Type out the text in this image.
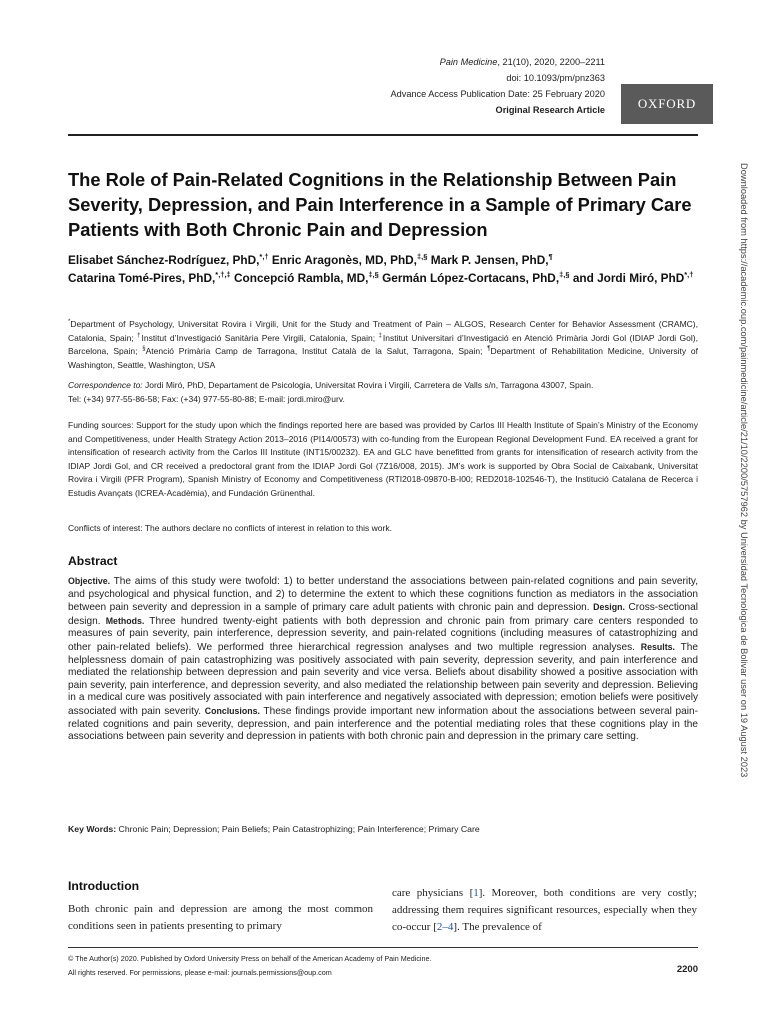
Pain Medicine, 21(10), 2020, 2200–2211
doi: 10.1093/pm/pnz363
Advance Access Publication Date: 25 February 2020
Original Research Article	OXFORD
Downloaded from https://academic.oup.com/painmedicine/article/21/10/2200/5757962 by Universidad Tecnologica de Bolivar user on 19 August 2023
The Role of Pain-Related Cognitions in the Relationship Between Pain Severity, Depression, and Pain Interference in a Sample of Primary Care Patients with Both Chronic Pain and Depression
Elisabet Sánchez-Rodríguez, PhD,*,† Enric Aragonès, MD, PhD,‡,§ Mark P. Jensen, PhD,¶
Catarina Tomé-Pires, PhD,*,†,‡ Concepció Rambla, MD,‡,§ Germán López-Cortacans, PhD,‡,§ and Jordi Miró, PhD*,†
*Department of Psychology, Universitat Rovira i Virgili, Unit for the Study and Treatment of Pain – ALGOS, Research Center for Behavior Assessment (CRAMC), Catalonia, Spain; †Institut d’Investigació Sanitària Pere Virgili, Catalonia, Spain; ‡Institut Universitari d’Investigació en Atenció Primària Jordi Gol (IDIAP Jordi Gol), Barcelona, Spain; §Atenció Primària Camp de Tarragona, Institut Català de la Salut, Tarragona, Spain; ¶Department of Rehabilitation Medicine, University of Washington, Seattle, Washington, USA
Correspondence to: Jordi Miró, PhD, Departament de Psicologia, Universitat Rovira i Virgili, Carretera de Valls s/n, Tarragona 43007, Spain.
Tel: (+34) 977-55-86-58; Fax: (+34) 977-55-80-88; E-mail: jordi.miro@urv.
Funding sources: Support for the study upon which the findings reported here are based was provided by Carlos III Health Institute of Spain’s Ministry of the Economy and Competitiveness, under Health Strategy Action 2013–2016 (PI14/00573) with co-funding from the European Regional Development Fund. EA received a grant for intensification of research activity from the Carlos III Institute (INT15/00232). EA and GLC have benefitted from grants for intensification of research activity from the IDIAP Jordi Gol, and CR received a predoctoral grant from the IDIAP Jordi Gol (7Z16/008, 2015). JM’s work is supported by Obra Social de Caixabank, Universitat Rovira i Virgili (PFR Program), Spanish Ministry of Economy and Competitiveness (RTI2018-09870-B-I00; RED2018-102546-T), the Institució Catalana de Recerca i Estudis Avançats (ICREA-Acadèmia), and Fundación Grünenthal.
Conflicts of interest: The authors declare no conflicts of interest in relation to this work.
Abstract
Objective. The aims of this study were twofold: 1) to better understand the associations between pain-related cognitions and pain severity, and psychological and physical function, and 2) to determine the extent to which these cognitions function as mediators in the association between pain severity and depression in a sample of primary care adult patients with chronic pain and depression. Design. Cross-sectional design. Methods. Three hundred twenty-eight patients with both depression and chronic pain from primary care centers responded to measures of pain severity, pain interference, depression severity, and pain-related cognitions (including measures of catastrophizing and other pain-related beliefs). We performed three hierarchical regression analyses and two multiple regression analyses. Results. The helplessness domain of pain catastrophizing was positively associated with pain severity, depression severity, and pain interference and mediated the relationship between depression and pain severity and vice versa. Beliefs about disability showed a positive association with pain severity, pain interference, and depression severity, and also mediated the relationship between pain severity and depression. Believing in a medical cure was positively associated with pain interference and negatively associated with depression; emotion beliefs were positively associated with pain severity. Conclusions. These findings provide important new information about the associations between several pain-related cognitions and pain severity, depression, and pain interference and the potential mediating roles that these cognitions play in the associations between pain severity and depression in patients with both chronic pain and depression in the primary care setting.
Key Words: Chronic Pain; Depression; Pain Beliefs; Pain Catastrophizing; Pain Interference; Primary Care
Introduction
Both chronic pain and depression are among the most common conditions seen in patients presenting to primary
care physicians [1]. Moreover, both conditions are very costly; addressing them requires significant resources, especially when they co-occur [2–4]. The prevalence of
© The Author(s) 2020. Published by Oxford University Press on behalf of the American Academy of Pain Medicine.
All rights reserved. For permissions, please e-mail: journals.permissions@oup.com	2200
